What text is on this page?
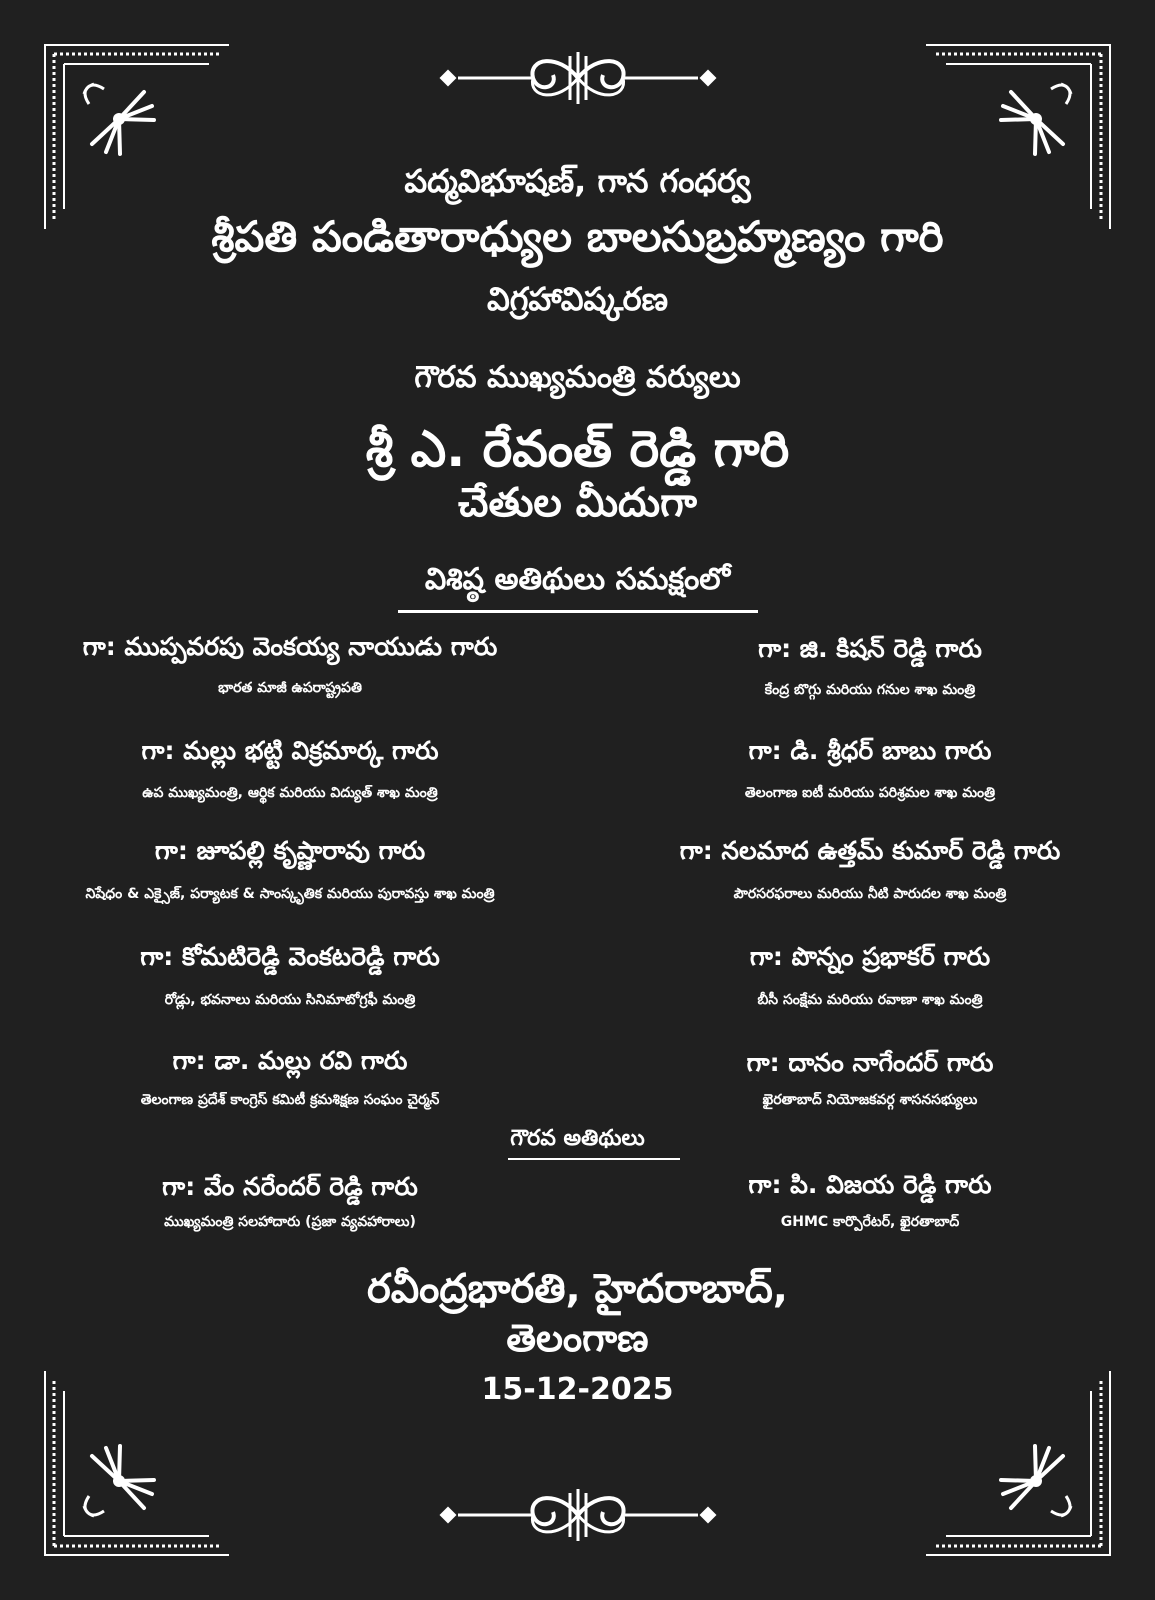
పద్మవిభూషణ్, గాన గంధర్వ
శ్రీపతి పండితారాధ్యుల బాలసుబ్రహ్మణ్యం గారి
విగ్రహావిష్కరణ
గౌరవ ముఖ్యమంత్రి వర్యులు
శ్రీ ఎ. రేవంత్ రెడ్డి గారి
చేతుల మీదుగా
విశిష్ఠ అతిథులు సమక్షంలో
గా: ముప్పవరపు వెంకయ్య నాయుడు గారు
భారత మాజీ ఉపరాష్ట్రపతి
గా: జి. కిషన్ రెడ్డి గారు
కేంద్ర బొగ్గు మరియు గనుల శాఖ మంత్రి
గా: మల్లు భట్టి విక్రమార్క గారు
ఉప ముఖ్యమంత్రి, ఆర్థిక మరియు విద్యుత్ శాఖ మంత్రి
గా: డి. శ్రీధర్ బాబు గారు
తెలంగాణ ఐటీ మరియు పరిశ్రమల శాఖ మంత్రి
గా: జూపల్లి కృష్ణారావు గారు
నిషేధం & ఎక్సైజ్, పర్యాటక & సాంస్కృతిక మరియు పురావస్తు శాఖ మంత్రి
గా: నలమాద ఉత్తమ్ కుమార్ రెడ్డి గారు
పౌరసరఫరాలు మరియు నీటి పారుదల శాఖ మంత్రి
గా: కోమటిరెడ్డి వెంకటరెడ్డి గారు
రోడ్లు, భవనాలు మరియు సినిమాటోగ్రఫీ మంత్రి
గా: పొన్నం ప్రభాకర్ గారు
బీసీ సంక్షేమ మరియు రవాణా శాఖ మంత్రి
గా: డా. మల్లు రవి గారు
తెలంగాణ ప్రదేశ్ కాంగ్రెస్ కమిటీ క్రమశిక్షణ సంఘం చైర్మన్
గా: దానం నాగేందర్ గారు
ఖైరతాబాద్ నియోజకవర్గ శాసనసభ్యులు
గౌరవ అతిథులు
గా: వేం నరేందర్ రెడ్డి గారు
ముఖ్యమంత్రి సలహాదారు (ప్రజా వ్యవహారాలు)
గా: పి. విజయ రెడ్డి గారు
GHMC కార్పొరేటర్, ఖైరతాబాద్
రవీంద్రభారతి, హైదరాబాద్,
తెలంగాణ
15-12-2025
